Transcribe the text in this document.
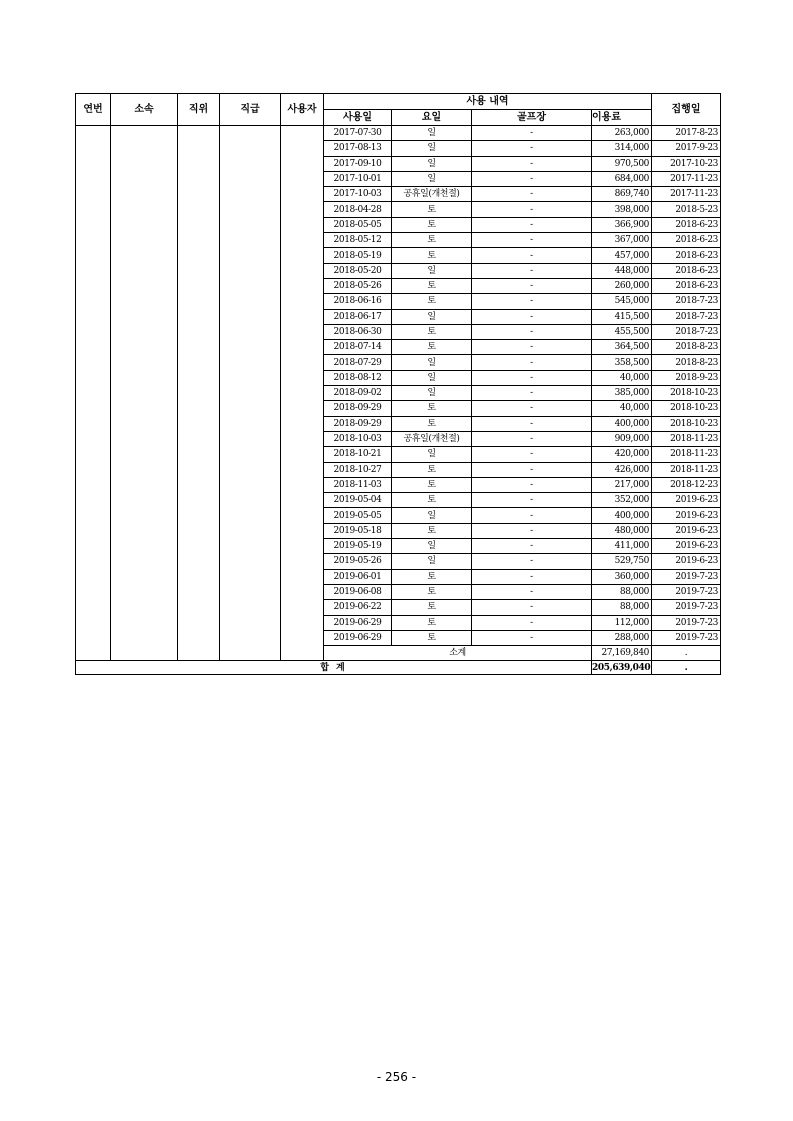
연번	소속	직위	직급	사용자	사용 내역				집행일
					사용일	요일	골프장	이용료	
					2017-07-30	일	-	263,000	2017-8-23
					2017-08-13	일	-	314,000	2017-9-23
					2017-09-10	일	-	970,500	2017-10-23
					2017-10-01	일	-	684,000	2017-11-23
					2017-10-03	공휴일(개천절)	-	869,740	2017-11-23
					2018-04-28	토	-	398,000	2018-5-23
					2018-05-05	토	-	366,900	2018-6-23
					2018-05-12	토	-	367,000	2018-6-23
					2018-05-19	토	-	457,000	2018-6-23
					2018-05-20	일	-	448,000	2018-6-23
					2018-05-26	토	-	260,000	2018-6-23
					2018-06-16	토	-	545,000	2018-7-23
					2018-06-17	일	-	415,500	2018-7-23
					2018-06-30	토	-	455,500	2018-7-23
					2018-07-14	토	-	364,500	2018-8-23
					2018-07-29	일	-	358,500	2018-8-23
					2018-08-12	일	-	40,000	2018-9-23
					2018-09-02	일	-	385,000	2018-10-23
					2018-09-29	토	-	40,000	2018-10-23
					2018-09-29	토	-	400,000	2018-10-23
					2018-10-03	공휴일(개천절)	-	909,000	2018-11-23
					2018-10-21	일	-	420,000	2018-11-23
					2018-10-27	토	-	426,000	2018-11-23
					2018-11-03	토	-	217,000	2018-12-23
					2019-05-04	토	-	352,000	2019-6-23
					2019-05-05	일	-	400,000	2019-6-23
					2019-05-18	토	-	480,000	2019-6-23
					2019-05-19	일	-	411,000	2019-6-23
					2019-05-26	일	-	529,750	2019-6-23
					2019-06-01	토	-	360,000	2019-7-23
					2019-06-08	토	-	88,000	2019-7-23
					2019-06-22	토	-	88,000	2019-7-23
					2019-06-29	토	-	112,000	2019-7-23
					2019-06-29	토	-	288,000	2019-7-23
					소계			27,169,840	.
합 계								205,639,040	.
- 256 -
